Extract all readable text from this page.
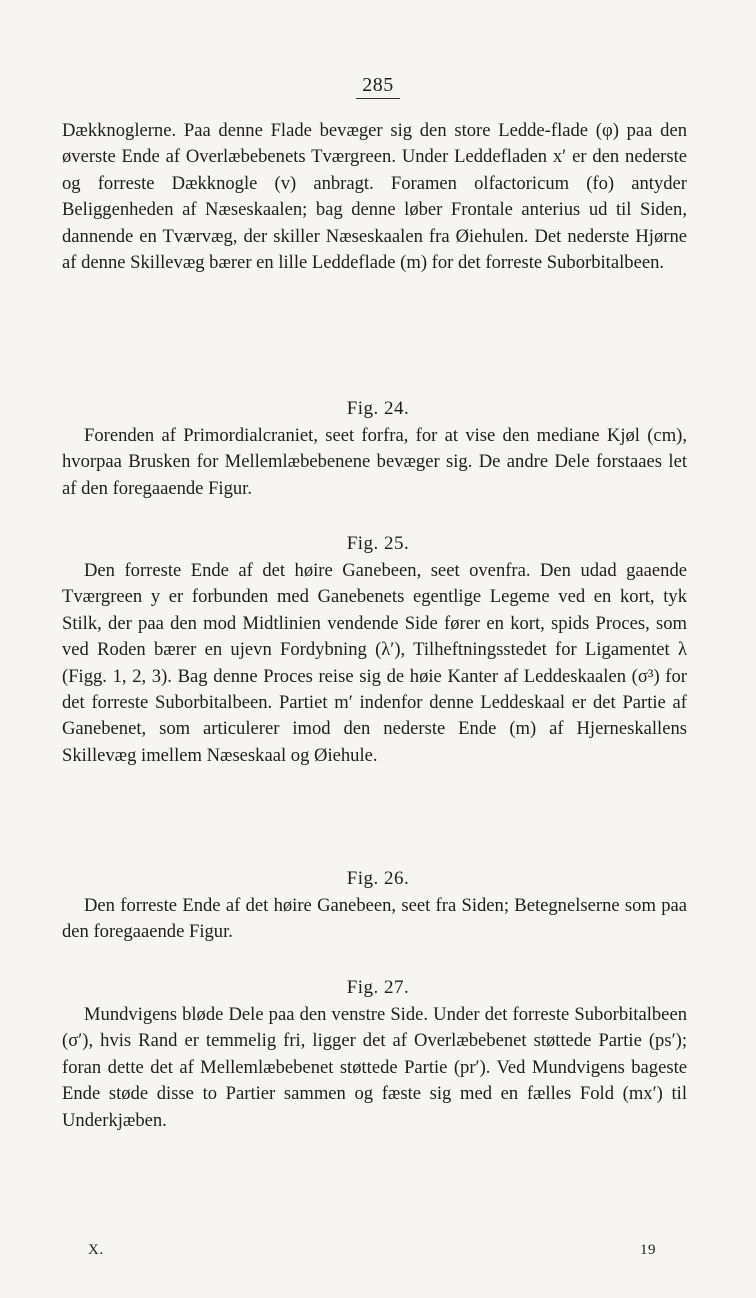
285

Dækknoglerne. Paa denne Flade bevæger sig den store Ledde-flade (φ) paa den øverste Ende af Overlæbebenets Tværgreen. Under Leddefladen x′ er den nederste og forreste Dækknogle (v) anbragt. Foramen olfactoricum (fo) antyder Beliggenheden af Næseskaalen; bag denne løber Frontale anterius ud til Siden, dannende en Tværvæg, der skiller Næseskaalen fra Øiehulen. Det nederste Hjørne af denne Skillevæg bærer en lille Leddeflade (m) for det forreste Suborbitalbeen.

Fig. 24.

Forenden af Primordialcraniet, seet forfra, for at vise den mediane Kjøl (cm), hvorpaa Brusken for Mellemlæbebenene bevæger sig. De andre Dele forstaaes let af den foregaaende Figur.

Fig. 25.

Den forreste Ende af det høire Ganebeen, seet ovenfra. Den udad gaaende Tværgreen y er forbunden med Ganebenets egentlige Legeme ved en kort, tyk Stilk, der paa den mod Midtlinien vendende Side fører en kort, spids Proces, som ved Roden bærer en ujevn Fordybning (λ′), Tilheftningsstedet for Ligamentet λ (Figg. 1, 2, 3). Bag denne Proces reise sig de høie Kanter af Leddeskaalen (σ³) for det forreste Suborbitalbeen. Partiet m′ indenfor denne Leddeskaal er det Partie af Ganebenet, som articulerer imod den nederste Ende (m) af Hjerneskallens Skillevæg imellem Næseskaal og Øiehule.

Fig. 26.

Den forreste Ende af det høire Ganebeen, seet fra Siden; Betegnelserne som paa den foregaaende Figur.

Fig. 27.

Mundvigens bløde Dele paa den venstre Side. Under det forreste Suborbitalbeen (σ′), hvis Rand er temmelig fri, ligger det af Overlæbebenet støttede Partie (ps′); foran dette det af Mellemlæbebenet støttede Partie (pr′). Ved Mundvigens bageste Ende støde disse to Partier sammen og fæste sig med en fælles Fold (mx′) til Underkjæben.

X.	19
